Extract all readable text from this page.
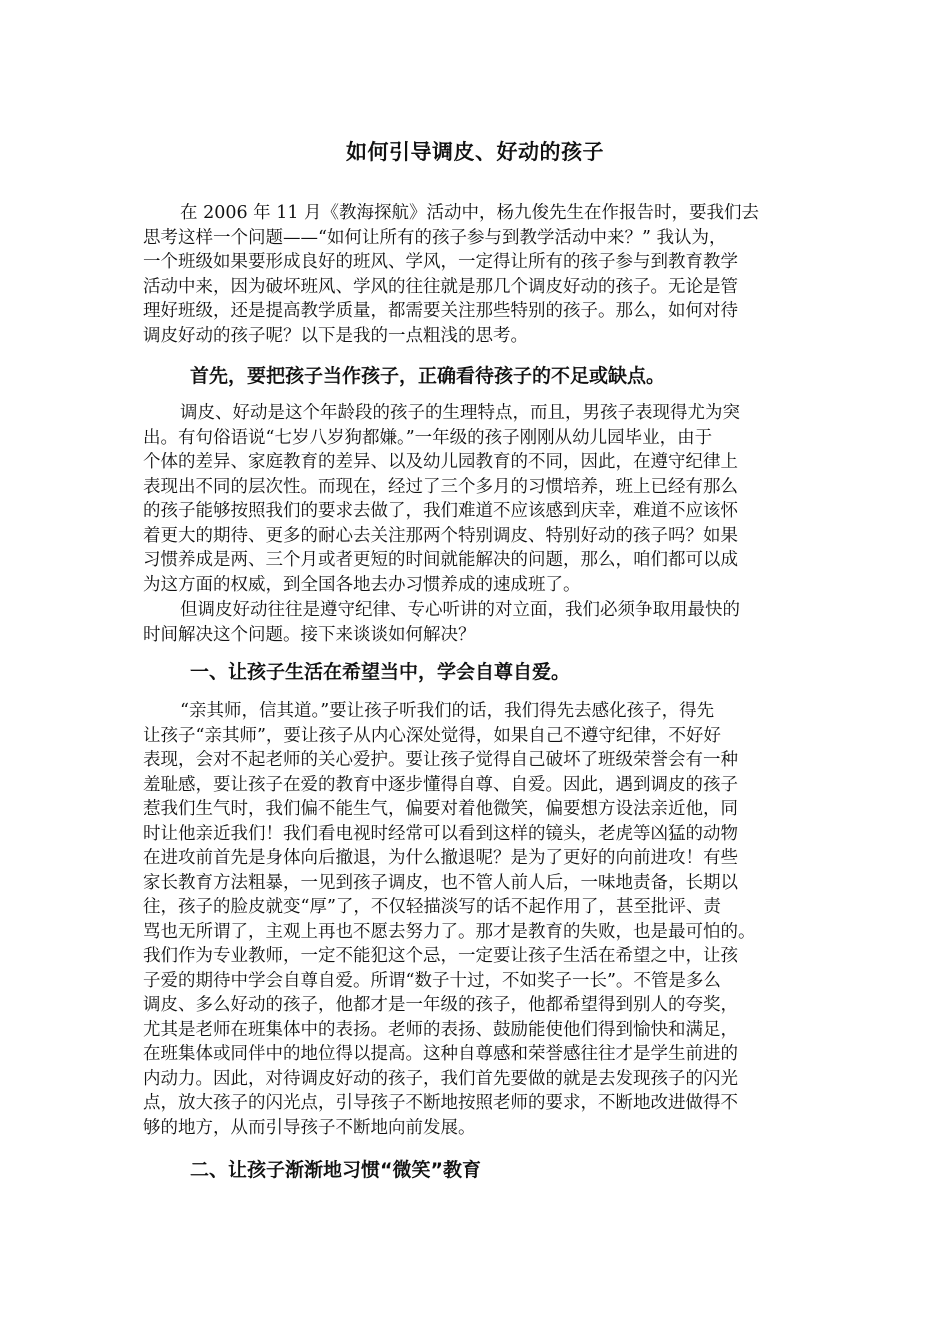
如何引导调皮、好动的孩子
在 2006 年 11 月《教海探航》活动中，杨九俊先生在作报告时，要我们去
思考这样一个问题——“如何让所有的孩子参与到教学活动中来？” 我认为，
一个班级如果要形成良好的班风、学风，一定得让所有的孩子参与到教育教学
活动中来，因为破坏班风、学风的往往就是那几个调皮好动的孩子。无论是管
理好班级，还是提高教学质量，都需要关注那些特别的孩子。那么，如何对待
调皮好动的孩子呢？以下是我的一点粗浅的思考。
首先，要把孩子当作孩子，正确看待孩子的不足或缺点。
调皮、好动是这个年龄段的孩子的生理特点，而且，男孩子表现得尤为突
出。有句俗语说“七岁八岁狗都嫌。”一年级的孩子刚刚从幼儿园毕业，由于
个体的差异、家庭教育的差异、以及幼儿园教育的不同，因此，在遵守纪律上
表现出不同的层次性。而现在，经过了三个多月的习惯培养，班上已经有那么
的孩子能够按照我们的要求去做了，我们难道不应该感到庆幸，难道不应该怀
着更大的期待、更多的耐心去关注那两个特别调皮、特别好动的孩子吗？如果
习惯养成是两、三个月或者更短的时间就能解决的问题，那么，咱们都可以成
为这方面的权威，到全国各地去办习惯养成的速成班了。
但调皮好动往往是遵守纪律、专心听讲的对立面，我们必须争取用最快的
时间解决这个问题。接下来谈谈如何解决？
一、让孩子生活在希望当中，学会自尊自爱。
“亲其师，信其道。”要让孩子听我们的话，我们得先去感化孩子，得先
让孩子“亲其师”，要让孩子从内心深处觉得，如果自己不遵守纪律，不好好
表现，会对不起老师的关心爱护。要让孩子觉得自己破坏了班级荣誉会有一种
羞耻感，要让孩子在爱的教育中逐步懂得自尊、自爱。因此，遇到调皮的孩子
惹我们生气时，我们偏不能生气，偏要对着他微笑，偏要想方设法亲近他，同
时让他亲近我们！我们看电视时经常可以看到这样的镜头，老虎等凶猛的动物
在进攻前首先是身体向后撤退，为什么撤退呢？是为了更好的向前进攻！有些
家长教育方法粗暴，一见到孩子调皮，也不管人前人后，一味地责备，长期以
往，孩子的脸皮就变“厚”了，不仅轻描淡写的话不起作用了，甚至批评、责
骂也无所谓了，主观上再也不愿去努力了。那才是教育的失败，也是最可怕的。
我们作为专业教师，一定不能犯这个忌，一定要让孩子生活在希望之中，让孩
子爱的期待中学会自尊自爱。所谓“数子十过，不如奖子一长”。不管是多么
调皮、多么好动的孩子，他都才是一年级的孩子，他都希望得到别人的夸奖，
尤其是老师在班集体中的表扬。老师的表扬、鼓励能使他们得到愉快和满足，
在班集体或同伴中的地位得以提高。这种自尊感和荣誉感往往才是学生前进的
内动力。因此，对待调皮好动的孩子，我们首先要做的就是去发现孩子的闪光
点，放大孩子的闪光点，引导孩子不断地按照老师的要求，不断地改进做得不
够的地方，从而引导孩子不断地向前发展。
二、让孩子渐渐地习惯“微笑”教育
